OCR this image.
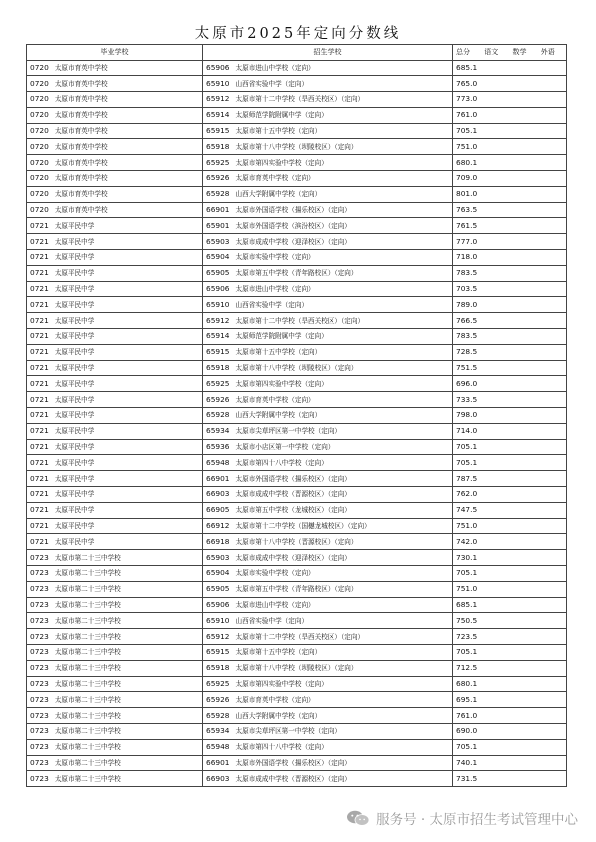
太原市2025年定向分数线
毕业学校	招生学校	总分 语文 数学 外语
0720 太原市育英中学校	65906 太原市进山中学校（定向）	685.1
0720 太原市育英中学校	65910 山西省实验中学（定向）	765.0
0720 太原市育英中学校	65912 太原市第十二中学校（旱西关校区）（定向）	773.0
0720 太原市育英中学校	65914 太原师范学院附属中学（定向）	761.0
0720 太原市育英中学校	65915 太原市第十五中学校（定向）	705.1
0720 太原市育英中学校	65918 太原市第十八中学校（坝陵校区）（定向）	751.0
0720 太原市育英中学校	65925 太原市第四实验中学校（定向）	680.1
0720 太原市育英中学校	65926 太原市育英中学校（定向）	709.0
0720 太原市育英中学校	65928 山西大学附属中学校（定向）	801.0
0720 太原市育英中学校	66901 太原市外国语学校（揚乐校区）（定向）	763.5
0721 太原平民中学	65901 太原市外国语学校（滨汾校区）（定向）	761.5
0721 太原平民中学	65903 太原市成成中学校（迎泽校区）（定向）	777.0
0721 太原平民中学	65904 太原市实验中学校（定向）	718.0
0721 太原平民中学	65905 太原市第五中学校（青年路校区）（定向）	783.5
0721 太原平民中学	65906 太原市进山中学校（定向）	703.5
0721 太原平民中学	65910 山西省实验中学（定向）	789.0
0721 太原平民中学	65912 太原市第十二中学校（旱西关校区）（定向）	766.5
0721 太原平民中学	65914 太原师范学院附属中学（定向）	783.5
0721 太原平民中学	65915 太原市第十五中学校（定向）	728.5
0721 太原平民中学	65918 太原市第十八中学校（坝陵校区）（定向）	751.5
0721 太原平民中学	65925 太原市第四实验中学校（定向）	696.0
0721 太原平民中学	65926 太原市育英中学校（定向）	733.5
0721 太原平民中学	65928 山西大学附属中学校（定向）	798.0
0721 太原平民中学	65934 太原市尖草坪区第一中学校（定向）	714.0
0721 太原平民中学	65936 太原市小店区第一中学校（定向）	705.1
0721 太原平民中学	65948 太原市第四十八中学校（定向）	705.1
0721 太原平民中学	66901 太原市外国语学校（揚乐校区）（定向）	787.5
0721 太原平民中学	66903 太原市成成中学校（晋源校区）（定向）	762.0
0721 太原平民中学	66905 太原市第五中学校（龙城校区）（定向）	747.5
0721 太原平民中学	66912 太原市第十二中学校（国樾龙城校区）（定向）	751.0
0721 太原平民中学	66918 太原市第十八中学校（晋源校区）（定向）	742.0
0723 太原市第二十三中学校	65903 太原市成成中学校（迎泽校区）（定向）	730.1
0723 太原市第二十三中学校	65904 太原市实验中学校（定向）	705.1
0723 太原市第二十三中学校	65905 太原市第五中学校（青年路校区）（定向）	751.0
0723 太原市第二十三中学校	65906 太原市进山中学校（定向）	685.1
0723 太原市第二十三中学校	65910 山西省实验中学（定向）	750.5
0723 太原市第二十三中学校	65912 太原市第十二中学校（旱西关校区）（定向）	723.5
0723 太原市第二十三中学校	65915 太原市第十五中学校（定向）	705.1
0723 太原市第二十三中学校	65918 太原市第十八中学校（坝陵校区）（定向）	712.5
0723 太原市第二十三中学校	65925 太原市第四实验中学校（定向）	680.1
0723 太原市第二十三中学校	65926 太原市育英中学校（定向）	695.1
0723 太原市第二十三中学校	65928 山西大学附属中学校（定向）	761.0
0723 太原市第二十三中学校	65934 太原市尖草坪区第一中学校（定向）	690.0
0723 太原市第二十三中学校	65948 太原市第四十八中学校（定向）	705.1
0723 太原市第二十三中学校	66901 太原市外国语学校（揚乐校区）（定向）	740.1
0723 太原市第二十三中学校	66903 太原市成成中学校（晋源校区）（定向）	731.5
服务号 · 太原市招生考试管理中心
